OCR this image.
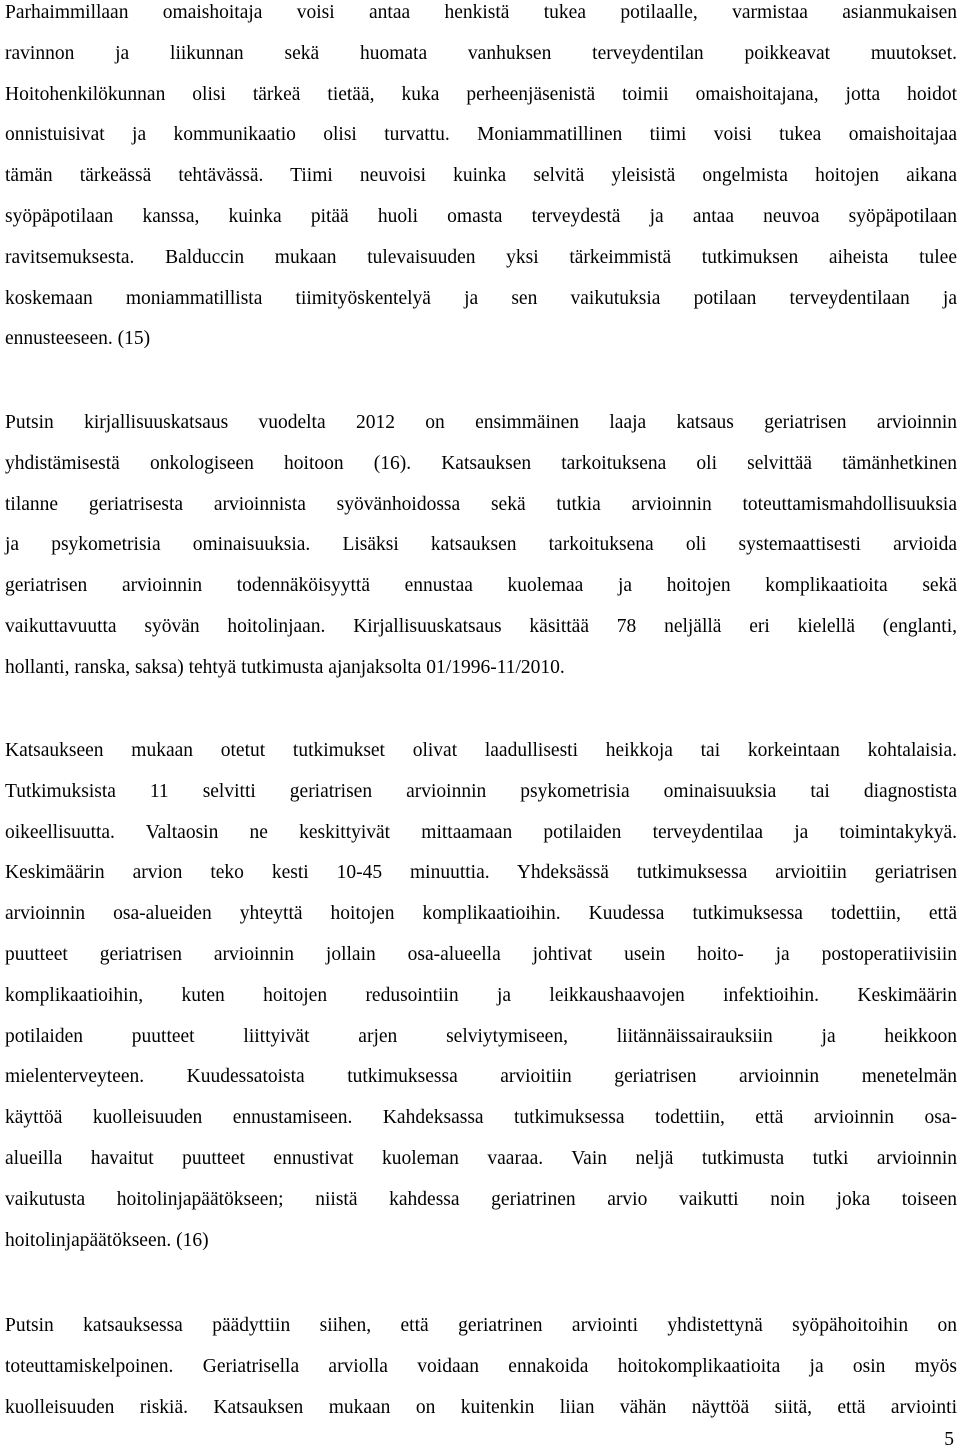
Parhaimmillaan omaishoitaja voisi antaa henkistä tukea potilaalle, varmistaa asianmukaisen
ravinnon ja liikunnan sekä huomata vanhuksen terveydentilan poikkeavat muutokset.
Hoitohenkilökunnan olisi tärkeä tietää, kuka perheenjäsenistä toimii omaishoitajana, jotta hoidot
onnistuisivat ja kommunikaatio olisi turvattu. Moniammatillinen tiimi voisi tukea omaishoitajaa
tämän tärkeässä tehtävässä. Tiimi neuvoisi kuinka selvitä yleisistä ongelmista hoitojen aikana
syöpäpotilaan kanssa, kuinka pitää huoli omasta terveydestä ja antaa neuvoa syöpäpotilaan
ravitsemuksesta. Balduccin mukaan tulevaisuuden yksi tärkeimmistä tutkimuksen aiheista tulee
koskemaan moniammatillista tiimityöskentelyä ja sen vaikutuksia potilaan terveydentilaan ja
ennusteeseen. (15)

Putsin kirjallisuuskatsaus vuodelta 2012 on ensimmäinen laaja katsaus geriatrisen arvioinnin
yhdistämisestä onkologiseen hoitoon (16). Katsauksen tarkoituksena oli selvittää tämänhetkinen
tilanne geriatrisesta arvioinnista syövänhoidossa sekä tutkia arvioinnin toteuttamismahdollisuuksia
ja psykometrisia ominaisuuksia. Lisäksi katsauksen tarkoituksena oli systemaattisesti arvioida
geriatrisen arvioinnin todennäköisyyttä ennustaa kuolemaa ja hoitojen komplikaatioita sekä
vaikuttavuutta syövän hoitolinjaan. Kirjallisuuskatsaus käsittää 78 neljällä eri kielellä (englanti,
hollanti, ranska, saksa) tehtyä tutkimusta ajanjaksolta 01/1996-11/2010.

Katsaukseen mukaan otetut tutkimukset olivat laadullisesti heikkoja tai korkeintaan kohtalaisia.
Tutkimuksista 11 selvitti geriatrisen arvioinnin psykometrisia ominaisuuksia tai diagnostista
oikeellisuutta. Valtaosin ne keskittyivät mittaamaan potilaiden terveydentilaa ja toimintakykyä.
Keskimäärin arvion teko kesti 10-45 minuuttia. Yhdeksässä tutkimuksessa arvioitiin geriatrisen
arvioinnin osa-alueiden yhteyttä hoitojen komplikaatioihin. Kuudessa tutkimuksessa todettiin, että
puutteet geriatrisen arvioinnin jollain osa-alueella johtivat usein hoito- ja postoperatiivisiin
komplikaatioihin, kuten hoitojen redusointiin ja leikkaushaavojen infektioihin. Keskimäärin
potilaiden puutteet liittyivät arjen selviytymiseen, liitännäissairauksiin ja heikkoon
mielenterveyteen. Kuudessatoista tutkimuksessa arvioitiin geriatrisen arvioinnin menetelmän
käyttöä kuolleisuuden ennustamiseen. Kahdeksassa tutkimuksessa todettiin, että arvioinnin osa-
alueilla havaitut puutteet ennustivat kuoleman vaaraa. Vain neljä tutkimusta tutki arvioinnin
vaikutusta hoitolinjapäätökseen; niistä kahdessa geriatrinen arvio vaikutti noin joka toiseen
hoitolinjapäätökseen. (16)

Putsin katsauksessa päädyttiin siihen, että geriatrinen arviointi yhdistettynä syöpähoitoihin on
toteuttamiskelpoinen. Geriatrisella arviolla voidaan ennakoida hoitokomplikaatioita ja osin myös
kuolleisuuden riskiä. Katsauksen mukaan on kuitenkin liian vähän näyttöä siitä, että arviointi

5
